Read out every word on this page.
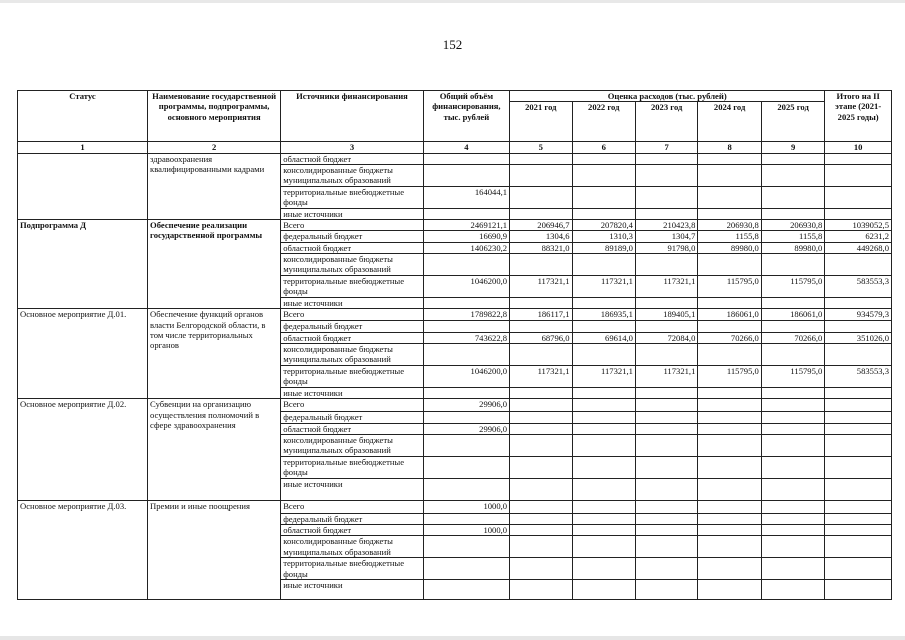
152
Статус	Наименование государственной программы, подпрограммы, основного мероприятия	Источники финансирования	Общий объём финансирования, тыс. рублей	Оценка расходов (тыс. рублей)					Итого на II этапе (2021-2025 годы)
				2021 год	2022 год	2023 год	2024 год	2025 год	
1	2	3	4	5	6	7	8	9	10
	здравоохранения квалифицированными кадрами	областной бюджет							
		консолидированные бюджеты муниципальных образований							
		территориальные внебюджетные фонды	164044,1						
		иные источники							
Подпрограмма Д	Обеспечение реализации государственной программы	Всего	2469121,1	206946,7	207820,4	210423,8	206930,8	206930,8	1039052,5
		федеральный бюджет	16690,9	1304,6	1310,3	1304,7	1155,8	1155,8	6231,2
		областной бюджет	1406230,2	88321,0	89189,0	91798,0	89980,0	89980,0	449268,0
		консолидированные бюджеты муниципальных образований							
		территориальные внебюджетные фонды	1046200,0	117321,1	117321,1	117321,1	115795,0	115795,0	583553,3
		иные источники							
Основное мероприятие Д.01.	Обеспечение функций органов власти Белгородской области, в том числе территориальных органов	Всего	1789822,8	186117,1	186935,1	189405,1	186061,0	186061,0	934579,3
		федеральный бюджет							
		областной бюджет	743622,8	68796,0	69614,0	72084,0	70266,0	70266,0	351026,0
		консолидированные бюджеты муниципальных образований							
		территориальные внебюджетные фонды	1046200,0	117321,1	117321,1	117321,1	115795,0	115795,0	583553,3
		иные источники							
Основное мероприятие Д.02.	Субвенции на организацию осуществления полномочий в сфере здравоохранения	Всего	29906,0						
		федеральный бюджет							
		областной бюджет	29906,0						
		консолидированные бюджеты муниципальных образований							
		территориальные внебюджетные фонды							
		иные источники							
Основное мероприятие Д.03.	Премии и иные поощрения	Всего	1000,0						
		федеральный бюджет							
		областной бюджет	1000,0						
		консолидированные бюджеты муниципальных образований							
		территориальные внебюджетные фонды							
		иные источники							
